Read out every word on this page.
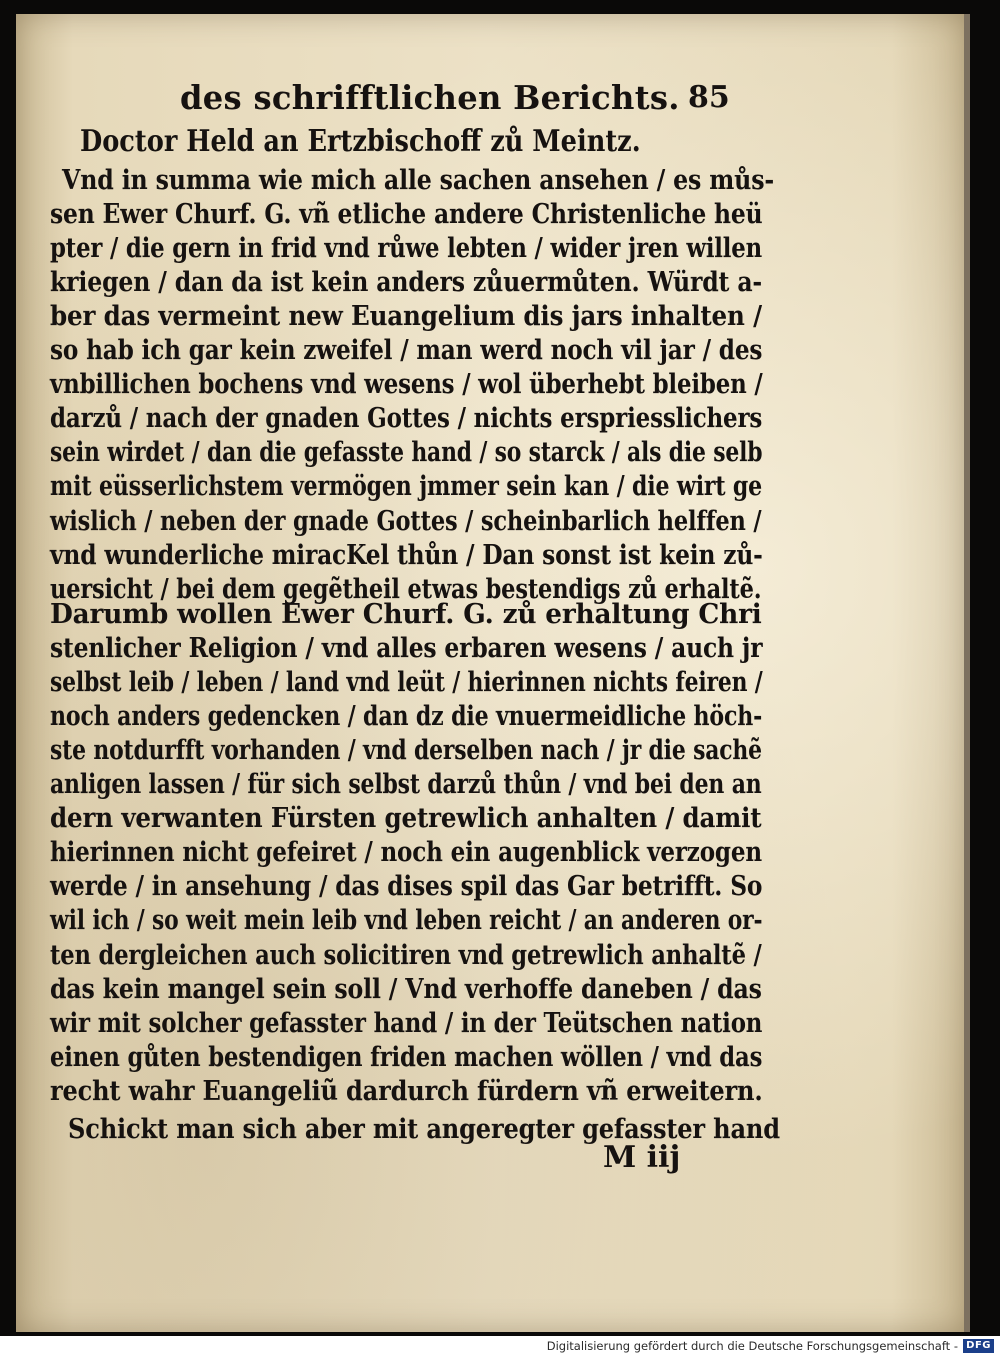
des schrifftlichen Berichts. 85
Doctor Held an Ertzbischoff zů Meintz.
Vnd in summa wie mich alle sachen ansehen / es můs-
sen Ewer Churf. G. vñ etliche andere Christenliche heü
pter / die gern in frid vnd růwe lebten / wider jren willen
kriegen / dan da ist kein anders zůuermůten. Würdt a-
ber das vermeint new Euangelium dis jars inhalten /
so hab ich gar kein zweifel / man werd noch vil jar / des
vnbillichen bochens vnd wesens / wol überhebt bleiben /
darzů / nach der gnaden Gottes / nichts erspriesslichers
sein wirdet / dan die gefasste hand / so starck / als die selb
mit eüsserlichstem vermögen jmmer sein kan / die wirt ge
wislich / neben der gnade Gottes / scheinbarlich helffen /
vnd wunderliche miracKel thůn / Dan sonst ist kein zů-
uersicht / bei dem gegẽtheil etwas bestendigs zů erhaltẽ.
Darumb wollen Ewer Churf. G. zů erhaltung Chri
stenlicher Religion / vnd alles erbaren wesens / auch jr
selbst leib / leben / land vnd leüt / hierinnen nichts feiren /
noch anders gedencken / dan dz die vnuermeidliche höch-
ste notdurfft vorhanden / vnd derselben nach / jr die sachẽ
anligen lassen / für sich selbst darzů thůn / vnd bei den an
dern verwanten Fürsten getrewlich anhalten / damit
hierinnen nicht gefeiret / noch ein augenblick verzogen
werde / in ansehung / das dises spil das Gar betrifft. So
wil ich / so weit mein leib vnd leben reicht / an anderen or-
ten dergleichen auch solicitiren vnd getrewlich anhaltẽ /
das kein mangel sein soll / Vnd verhoffe daneben / das
wir mit solcher gefasster hand / in der Teütschen nation
einen gůten bestendigen friden machen wöllen / vnd das
recht wahr Euangeliũ dardurch fürdern vñ erweitern.
Schickt man sich aber mit angeregter gefasster hand
M iij
Digitalisierung gefördert durch die Deutsche Forschungsgemeinschaft - DFG
